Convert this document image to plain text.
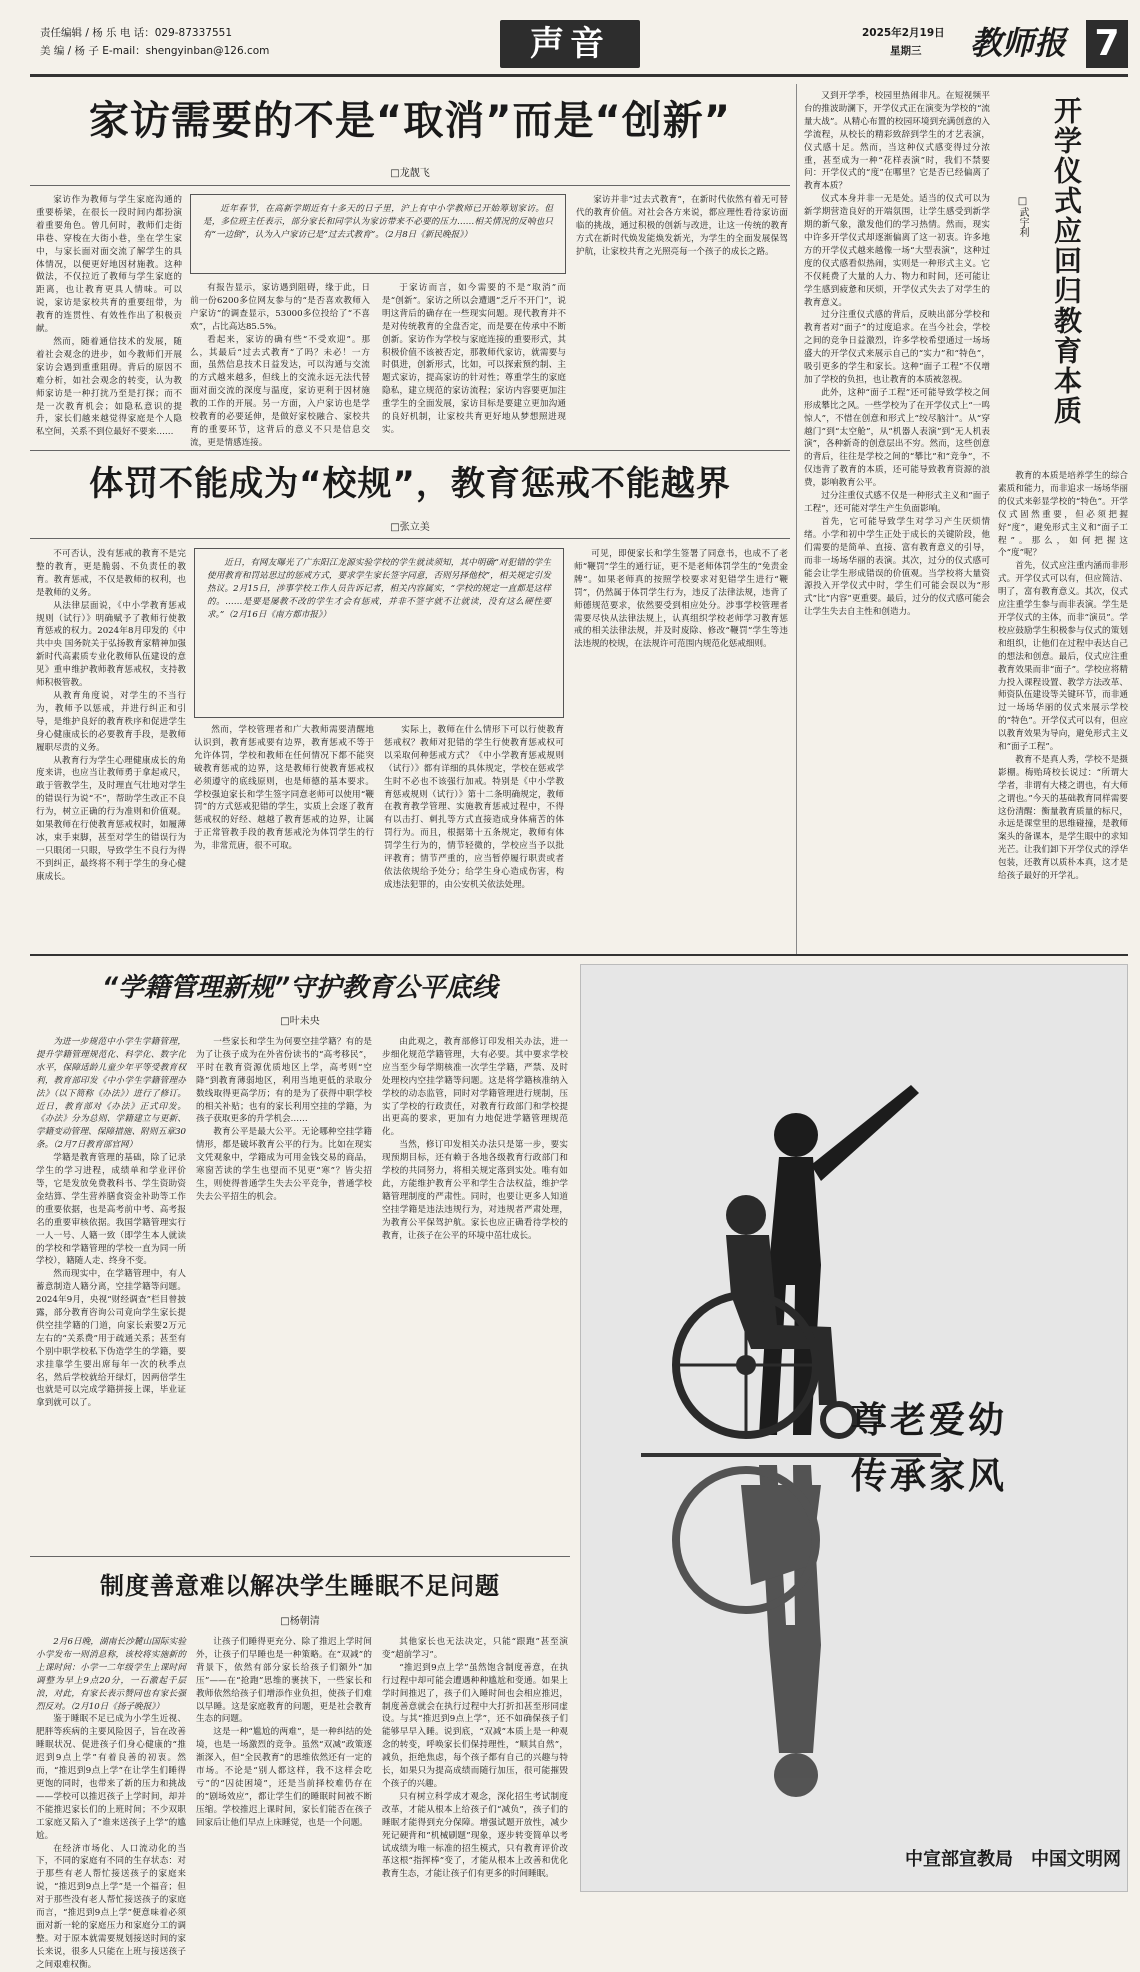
责任编辑 / 杨 乐 电 话：029-87337551
美 编 / 杨 子 E-mail：shengyinban@126.com	声音	2025年2月19日
星期三	教师报 7
家访需要的不是“取消”而是“创新”
□龙靓飞

家访作为教师与学生家庭沟通的重要桥梁，在很长一段时间内都扮演着重要角色。曾几何时，教师们走街串巷、穿梭在大街小巷，坐在学生家中，与家长面对面交流了解学生的具体情况，以便更好地因材施教。这种做法，不仅拉近了教师与学生家庭的距离，也让教育更具人情味。可以说，家访是家校共育的重要纽带，为教育的连贯性、有效性作出了积极贡献。

然而，随着通信技术的发展，随着社会观念的进步，如今教师们开展家访会遇到重重阻碍。背后的原因不难分析，如社会观念的转变，认为教师家访是一种打扰乃至是打探；而不是一次教育机会；如隐私意识的提升，家长们越来越觉得家庭是个人隐私空间，关系不到位最好不要来……

近年春节，在高新学期近有十多天的日子里，沪上有中小学教师已开始筹划家访。但是，多位班主任表示，部分家长和同学认为家访带来不必要的压力……相关情况的反响也只有“一边倒”，认为入户家访已是“过去式教育”。（2月8日《新民晚报》）

有报告显示，家访遇到阻碍，缘于此，日前一份6200多位网友参与的“是否喜欢教师入户家访”的调查显示，53000多位投给了“不喜欢”，占比高达85.5%。

看起来，家访的确有些“不受欢迎”。那么，其最后“过去式教育”了吗？未必！一方面，虽然信息技术日益发达，可以沟通与交流的方式越来越多，但线上的交流永远无法代替面对面交流的深度与温度，家访更利于因材施教的工作的开展。另一方面，入户家访也是学校教育的必要延伸，是做好家校融合、家校共育的重要环节，这背后的意义不只是信息交流，更是情感连接。

于家访而言，如今需要的不是“取消”而是“创新”。家访之所以会遭遇“乏斤不开门”，说明这背后的确存在一些现实问题。现代教育并不是对传统教育的全盘否定，而是要在传承中不断创新。家访作为学校与家庭连接的重要形式，其积极价值不该被否定，那教师代家访，就需要与时俱进，创新形式，比如，可以探索预约制、主题式家访，提高家访的针对性；尊重学生的家庭隐私，建立规范的家访流程；家访内容要更加注重学生的全面发展，家访目标是要建立更加沟通的良好机制，让家校共育更好地从梦想照进现实。

家访并非“过去式教育”，在新时代依然有着无可替代的教育价值。对社会各方来说，都应理性看待家访面临的挑战，通过积极的创新与改进，让这一传统的教育方式在新时代焕发能焕发新光，为学生的全面发展保驾护航，让家校共育之光照亮每一个孩子的成长之路。

体罚不能成为“校规”，教育惩戒不能越界
□张立美

不可否认，没有惩戒的教育不是完整的教育，更是脆弱、不负责任的教育。教育惩戒，不仅是教师的权利，也是教师的义务。

从法律层面说，《中小学教育惩戒规则（试行）》明确赋予了教师行使教育惩戒的权力。2024年8月印发的《中共中央 国务院关于弘扬教育家精神加强新时代高素质专业化教师队伍建设的意见》重申维护教师教育惩戒权，支持教师积极管教。

从教育角度说，对学生的不当行为，教师予以惩戒，并进行纠正和引导，是维护良好的教育秩序和促进学生身心健康成长的必要教育手段，是教师履职尽责的义务。

从教育行为学生心理健康成长的角度来讲，也应当让教师勇于拿起戒尺，敢于管教学生，及时理直气壮地对学生的错误行为说“不”，帮助学生改正不良行为，树立正确的行为准则和价值观。如果教师在行使教育惩戒权时，如履薄冰，束手束脚，甚至对学生的错误行为一只眼闭一只眼，导致学生不良行为得不到纠正，最终将不利于学生的身心健康成长。

近日，有网友曝光了广东阳江龙源实验学校的学生就读须知，其中明确“对犯错的学生使用教育和罚站思过的惩戒方式，要求学生家长签字同意，否则另择他校”，相关规定引发热议。2月15日，涉事学校工作人员告诉记者，相关内容属实，“学校的规定一直都是这样的。……是要是屡教不改的学生才会有惩戒，并非不签字就不让就读，没有这么硬性要求。”（2月16日《南方都市报》）

然而，学校管理者和广大教师需要清醒地认识到，教育惩戒要有边界，教育惩戒不等于允许体罚，学校和教师在任何情况下都不能突破教育惩戒的边界，这是教师行使教育惩戒权必须遵守的底线原则，也是师德的基本要求。学校强迫家长和学生签字同意老师可以使用“鞭罚”的方式惩戒犯错的学生，实质上会逐了教育惩戒权的好经、越越了教育惩戒的边界，让属于正常管教手段的教育惩戒沦为体罚学生的行为，非常荒唐，很不可取。

实际上，教师在什么情形下可以行使教育惩戒权？教师对犯错的学生行使教育惩戒权可以采取何种惩戒方式？《中小学教育惩戒规则（试行）》都有详细的具体规定，学校在惩戒学生时不必也不该强行加戒。特别是《中小学教育惩戒规则（试行）》第十二条明确规定，教师在教育教学管理、实施教育惩戒过程中，不得有以击打、刺扎等方式直接造成身体痛苦的体罚行为。而且，根据第十五条规定，教师有体罚学生行为的，情节轻微的，学校应当予以批评教育；情节严重的，应当暂停履行职责或者依法依规给予处分；给学生身心造成伤害，构成违法犯罪的，由公安机关依法处理。

可见，即便家长和学生签署了同意书，也成不了老师“鞭罚”学生的通行证，更不是老师体罚学生的“免责金牌”。如果老师真的按照学校要求对犯错学生进行“鞭罚”，仍然属于体罚学生行为，违反了法律法规，违背了师德规范要求，依然要受到相应处分。涉事学校管理者需要尽快从法律法规上，认真组织学校老师学习教育惩戒的相关法律法规，并及时废除、修改“鞭罚”学生等违法违规的校规，在法规许可范围内规范化惩戒细则。

又到开学季，校园里热闹非凡。在短视频平台的推波助澜下，开学仪式正在演变为学校的“流量大战”。从精心布置的校园环境到充满创意的入学流程，从校长的精彩致辞到学生的才艺表演，仪式感十足。然而，当这种仪式感变得过分浓重，甚至成为一种“花样表演”时，我们不禁要问：开学仪式的“度”在哪里？它是否已经偏离了教育本质？

仪式本身并非一无是处。适当的仪式可以为新学期营造良好的开端氛围，让学生感受到新学期的新气象，激发他们的学习热情。然而，现实中许多开学仪式却逐渐偏离了这一初衷。许多地方的开学仪式越来越像一场“大型表演”，这种过度的仪式感看似热闹，实则是一种形式主义。它不仅耗费了大量的人力、物力和时间，还可能让学生感到疲惫和厌烦，开学仪式失去了对学生的教育意义。

过分注重仪式感的背后，反映出部分学校和教育者对“面子”的过度追求。在当今社会，学校之间的竞争日益激烈，许多学校希望通过一场场盛大的开学仪式来展示自己的“实力”和“特色”，吸引更多的学生和家长。这种“面子工程”不仅增加了学校的负担，也让教育的本质被忽视。

此外，这种“面子工程”还可能导致学校之间形成攀比之风。一些学校为了在开学仪式上“一鸣惊人”，不惜在创意和形式上“绞尽脑汁”。从“穿越门”到“太空舱”，从“机器人表演”到“无人机表演”，各种新奇的创意层出不穷。然而，这些创意的背后，往往是学校之间的“攀比”和“竞争”，不仅违背了教育的本质，还可能导致教育资源的浪费，影响教育公平。

过分注重仪式感不仅是一种形式主义和“面子工程”，还可能对学生产生负面影响。

首先，它可能导致学生对学习产生厌烦情绪。小学和初中学生正处于成长的关键阶段，他们需要的是简单、直接、富有教育意义的引导，而非一场场华丽的表演。其次，过分的仪式感可能会让学生形成错误的价值观。当学校将大量资源投入开学仪式中时，学生们可能会误以为“形式”比“内容”更重要。最后，过分的仪式感可能会让学生失去自主性和创造力。

开学仪式应回归教育本质
□武宇利

教育的本质是培养学生的综合素质和能力，而非追求一场场华丽的仪式来彰显学校的“特色”。开学仪式固然重要，但必须把握好“度”，避免形式主义和“面子工程”。那么，如何把握这个“度”呢？

首先，仪式应注重内涵而非形式。开学仪式可以有，但应简洁、明了，富有教育意义。其次，仪式应注重学生参与而非表演。学生是开学仪式的主体，而非“演员”。学校应鼓励学生积极参与仪式的策划和组织，让他们在过程中表达自己的想法和创意。最后，仪式应注重教育效果而非“面子”。学校应将精力投入课程设置、教学方法改革、师资队伍建设等关键环节，而非通过一场场华丽的仪式来展示学校的“特色”。开学仪式可以有，但应以教育效果为导向，避免形式主义和“面子工程”。

教育不是真人秀，学校不是摄影棚。梅贻琦校长说过：“所谓大学者，非谓有大楼之谓也，有大师之谓也。”今天的基础教育同样需要这份清醒：衡量教育质量的标尺，永远是课堂里的思维碰撞，是教师案头的备课本，是学生眼中的求知光芒。让我们卸下开学仪式的浮华包装，还教育以质朴本真，这才是给孩子最好的开学礼。

“学籍管理新规”守护教育公平底线
□叶未央

为进一步规范中小学生学籍管理，提升学籍管理规范化、科学化、数字化水平，保障适龄儿童少年平等受教育权利，教育部印发《中小学生学籍管理办法》（以下简称《办法》）进行了修订。近日，教育部对《办法》正式印发。《办法》分为总则、学籍建立与更新、学籍变动管理、保障措施、附则五章30条。（2月7日教育部官网）

学籍是教育管理的基础，除了记录学生的学习进程，成绩单和学业评价等，它是发放免费教科书、学生资助资金结算、学生营养膳食资金补助等工作的重要依据，也是高考前中考、高考报名的重要审核依据。我国学籍管理实行一人一号、人籍一致（即学生本人就读的学校和学籍管理的学校一直为同一所学校），籍随人走、终身不变。

然而现实中，在学籍管理中，有人蓄意制造人籍分离，空挂学籍等问题。2024年9月，央视“财经调查”栏目曾披露，部分教育咨询公司竟向学生家长提供空挂学籍的门道，向家长索要2万元左右的“关系费”用于疏通关系；甚至有个别中职学校私下伪造学生的学籍，要求挂靠学生要出席每年一次的秋季点名，然后学校就给开绿灯，因两倍学生也就是可以完成学籍拼接上课，毕业证拿到就可以了。

一些家长和学生为何要空挂学籍？有的是为了让孩子成为在外省份读书的“高考移民”，平时在教育资源优质地区上学，高考则“空降”到教育薄弱地区，利用当地更低的录取分数线取得更高学历；有的是为了获得中职学校的相关补贴；也有的家长利用空挂的学籍，为孩子获取更多的升学机会……

教育公平是最大公平。无论哪种空挂学籍情形，都是破坏教育公平的行为。比如在现实文凭观象中，学籍成为可用金钱交易的商品，寒窗苦读的学生也望而不见更“寒”？皆尖招生，则使得普通学生失去公平竞争，普通学校失去公平招生的机会。

由此观之，教育部修订印发相关办法，进一步细化规范学籍管理，大有必要。其中要求学校应当至少每学期核准一次学生学籍，严禁、及时处理校内空挂学籍等问题。这是将学籍核准纳入学校的动态监管，同时对学籍管理进行规制，压实了学校的行政责任，对教育行政部门和学校提出更高的要求，更加有力地促进学籍管理规范化。

当然，修订印发相关办法只是第一步，要实现预期目标，还有赖于各地各级教育行政部门和学校的共同努力，将相关规定落到实处。唯有如此，方能维护教育公平和学生合法权益，维护学籍管理制度的严肃性。同时，也要让更多人知道空挂学籍是违法违规行为，对违规者严肃处理，为教育公平保驾护航。家长也应正确看待学校的教育，让孩子在公平的环境中茁壮成长。

制度善意难以解决学生睡眠不足问题
□杨朝清

2月6日晚，湖南长沙麓山国际实验小学发布一则消息称，该校将实施新的上课时间：小学一二年级学生上课时间调整为早上9点20分，一石激起千层浪，对此，有家长表示赞同也有家长强烈反对。（2月10日《扬子晚报》）

鉴于睡眠不足已成为小学生近视、肥胖等疾病的主要风险因子，旨在改善睡眠状况、促进孩子们身心健康的“推迟到9点上学”有着良善的初衷。然而，“推迟到9点上学”在让学生们睡得更饱的同时，也带来了新的压力和挑战——学校可以推迟孩子上学时间，却并不能推迟家长们的上班时间；不少双职工家庭又陷入了“谁来送孩子上学”的尴尬。

在经济市场化、人口流动化的当下，不同的家庭有不同的生存状态：对于那些有老人帮忙接送孩子的家庭来说，“推迟到9点上学”是一个福音；但对于那些没有老人帮忙接送孩子的家庭而言，“推迟到9点上学”便意味着必须面对新一轮的家庭压力和家庭分工的调整。对于原本就需要规划接送时间的家长来说，很多人只能在上班与接送孩子之间艰难权衡。

让孩子们睡得更充分、除了推迟上学时间外，让孩子们早睡也是一种策略。在“双减”的背景下，依然有部分家长给孩子们额外“加压”——在“抢跑”思维的裹挟下，一些家长和教师依然给孩子们增添作业负担，使孩子们难以早睡。这是家庭教育的问题，更是社会教育生态的问题。

这是一种“尴尬的两难”，是一种纠结的处境，也是一场激烈的竞争。虽然“双减”政策逐渐深入，但“全民教育”的思维依然还有一定的市场。不论是“别人都这样，我不这样会吃亏”的“囚徒困境”，还是当前择校难仍存在的“剧场效应”，都让学生们的睡眠时间被不断压缩。学校推迟上课时间，家长们能否在孩子回家后让他们早点上床睡觉，也是一个问题。

其他家长也无法决定，只能“跟跑”甚至演变“超前学习”。

“推迟到9点上学”虽然饱含制度善意，在执行过程中却可能会遭遇种种尴尬和变通。如果上学时间推迟了，孩子们入睡时间也会相应推迟，制度善意就会在执行过程中大打折扣甚至形同虚设。与其“推迟到9点上学”，还不如确保孩子们能够早早入睡。说到底，“双减”本质上是一种观念的转变，呼唤家长们保持理性，“顺其自然”，减负，拒绝焦虑，每个孩子都有自己的兴趣与特长，如果只为提高成绩而随行加压，很可能摧毁个孩子的兴趣。

只有树立科学成才观念，深化招生考试制度改革，才能从根本上给孩子们“减负”，孩子们的睡眠才能得到充分保障。增强试题开放性，减少死记硬背和“机械刷题”现象，逐步转变简单以考试成绩为唯一标准的招生模式，只有教育评价改革这根“指挥棒”变了，才能从根本上改善和优化教育生态，才能让孩子们有更多的时间睡眠。

尊老爱幼
传承家风
中宣部宣教局　中国文明网
